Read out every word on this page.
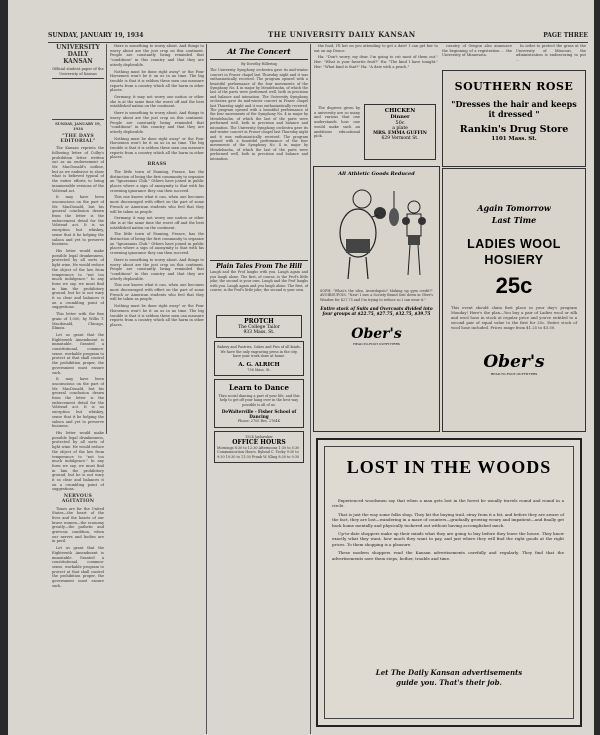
SUNDAY, JANUARY 19, 1934	THE UNIVERSITY DAILY KANSAN	PAGE THREE
UNIVERSITY DAILY KANSAN

Official student paper of the University of Kansas

SUNDAY, JANUARY 19, 1934

"THE DAYS EDITORIAL"

The Kansan reprints the following letter of Colby's prohibition letter written out as an endorsement of Mr. MacDonald's outline, but as we endeavor to show what is believed typical of the entire efforts to bring innumerable versions of the Volstead act.

It may have been unconscious on the part of Mr. MacDonald, but his general conclusion drawn from the letter is the enforcement detail for the Volstead act. It is no exception but whiskey, sense that it be helping the saloon and yet to preserve business.

His letter would make possible legal drunkenness, protected by all sorts of light wine. He would reduce the object of the law from temperance to "not too much indulgence." In any form we say, we must find in him the prohibitory ground, but he is not wary it so clear and balances it on a crumbling point of suggestions.

This letter with the fine grain of 1,000, by Willis T. Macdonald, Chicago, Illinois.

Let us grant that the Eighteenth Amendment is immutable. Granted a constitutional, common-sense, workable program to protect at that shall control the prohibition proper, the government must ensure such.

It may have been unconscious on the part of Mr. MacDonald, but his general conclusion drawn from the letter is the enforcement detail for the Volstead act. It is no exception but whiskey, sense that it be helping the saloon and yet to preserve business.

His letter would make possible legal drunkenness, protected by all sorts of light wine. He would reduce the object of the law from temperance to "not too much indulgence." In any form we say, we must find in him the prohibitory ground, but he is not wary it so clear and balances it on a crumbling point of suggestions.

NERVOUS AGITATION

Times are for the United States—the heart of the lives and the hearts of our brave women—the economy greatly—the pathetic and grievous condition, when our nerves and bodies are in peril.

Let us grant that the Eighteenth Amendment is immutable. Granted a constitutional, common-sense, workable program to protect at that shall control the prohibition proper, the government must ensure such.

there is something to worry about. And things to worry about are the just crop on this continent. People are constantly being reminded that "conditions" in this country and that they are utterly deplorable.

Nothing must be done right away" or the Four Horsemen won't be it on us in no time. The big trouble is that it is seldom these men can measure reports from a country which all the harm in other places.

Germany, it may not worry one nation or other she is at the same time the worst off and the best established nation on the continent.

there is something to worry about. And things to worry about are the just crop on this continent. People are constantly being reminded that "conditions" in this country and that they are utterly deplorable.

Nothing must be done right away" or the Four Horsemen won't be it on us in no time. The big trouble is that it is seldom these men can measure reports from a country which all the harm in other places.

BRASS

The little town of Fanning, France, has the distinction of being the first community to organize an "Ignoramus Club." Others have joined in public places where a sign of anonymity is that with his crowning ignorance they can then succeed.

This one knows what it can, when one becomes most discouraged with effort on the part of some French or American students who feel that they will be taken as people.

Germany, it may not worry one nation or other she is at the same time the worst off and the best established nation on the continent.

The little town of Fanning, France, has the distinction of being the first community to organize an "Ignoramus Club." Others have joined in public places where a sign of anonymity is that with his crowning ignorance they can then succeed.

there is something to worry about. And things to worry about are the just crop on this continent. People are constantly being reminded that "conditions" in this country and that they are utterly deplorable.

This one knows what it can, when one becomes most discouraged with effort on the part of some French or American students who feel that they will be taken as people.

Nothing must be done right away" or the Four Horsemen won't be it on us in no time. The big trouble is that it is seldom these men can measure reports from a country which all the harm in other places.

At The Concert
By Dorothy Hillering
The University Symphony orchestra gave its mid-winter concert in Fraser chapel last Thursday night and it was enthusiastically received. The program opened with a beautiful performance of the four movements of the Symphony No. 4 in major by Mendelssohn, of which the last of the parts were performed well, both in precision and balance and intonation. The University Symphony orchestra gave its mid-winter concert in Fraser chapel last Thursday night and it was enthusiastically received. The program opened with a beautiful performance of the four movements of the Symphony No. 4 in major by Mendelssohn, of which the last of the parts were performed well, both in precision and balance and intonation. The University Symphony orchestra gave its mid-winter concert in Fraser chapel last Thursday night and it was enthusiastically received. The program opened with a beautiful performance of the four movements of the Symphony No. 4 in major by Mendelssohn, of which the last of the parts were performed well, both in precision and balance and intonation.
Plain Tales From The Hill
Laugh and the Prof laughs with you. Laugh again and you laugh alone. The first, of course, is the Prof's little joke; the second is your own. Laugh and the Prof laughs with you. Laugh again and you laugh alone. The first, of course, is the Prof's little joke; the second is your own.
PROTCH
The College Tailor
933 Mass. St.
Bakery and Pastries, Cakes and Pies of all kinds. We have the only engraving press in the city, have your work done at home.
A. G. ALRICH
736 Mass. St.
Learn to Dance
Thru social dancing a part of your life, and this help to get off your hang over in the best way possible is all of us.
DeWalterville - Fisher School of Dancing
Phone: 2705 Res. 2764K
1924 Jayhawker
OFFICE HOURS
Mornings 8:30 to 12:30 Afternoons 1:30 to 5:30 Communication Hours. Bylund C. Tecky 9:30 to 9:30 10:30 to 11:30 Frank W. Kling 8:30 to 9:30

the food, I'll bet on you attending to get a date! I can get her to eat on my Deuce.

Ha: "Don't worry, my dear. I'm going to cut most of them out." Her: "What is your favorite fruit?" Ha: "The kind I have tonight." Her: "What kind is that?" Ha: "A date with a peach."

CHICKEN
Dinner
50c
a plate
MRS. EMMA GUFFIN
629 Vermont St.

The degrees given by a university are so many and various that one understands how one would make such an ambitious educational pick.

All Athletic Goods Reduced
SOPH: "What's the idea, Avoirdupois? Making up gym credit?" AVOIRDUPOIS: "Naw! I saw a Society Brand Suit down in Ober's Window for $27.75 and I'm trying to reduce so I can wear it."
Entire stock of Suits and Overcoats divided into four groups at $22.75, $27.75, $32.75, $39.75
Ober's
HEAD-TO-FOOT OUTFITTERS

country of Oregon also announce the beginning of a registration ... the University of Minnesota.

In order to protect the grass at the University of Missouri, the administration is endeavoring to put ...

SOUTHERN ROSE
"Dresses the hair and keeps it dressed "
Rankin's Drug Store
1101 Mass. St.
Again Tomorrow
Last Time
LADIES WOOL
HOSIERY
25c
This event should claim first place in your day's program Monday! Here's the plan—You buy a pair of Ladies wool or silk and wool hose in stock at regular price and you're entitled to a second pair of equal value to the first for 25c. Entire stock of wool hose included. Prices range from $1.25 to $3.50.
Ober's
HEAD-TO-FOOT OUTFITTERS
LOST IN THE WOODS

Experienced woodsmen say that when a man gets lost in the forest he usually travels round and round in a circle.

That is just the way some folks shop. They hit the buying trail, stray from it a bit, and before they are aware of the fact, they are lost—wandering in a maze of counters—gradually growing weary and impatient—and finally get back home mentally and physically tuckered out without having accomplished much.

Up-to-date shoppers make up their minds what they are going to buy before they leave the house. They know exactly what they want, how much they want to pay, and just where they will find the right goods at the right prices. To them shopping is a pleasure.

These modern shoppers read the Kansan advertisements carefully and regularly. They find that the advertisements save them steps, bother, trouble and time.

Let The Daily Kansan advertisements
guide you. That's their job.
